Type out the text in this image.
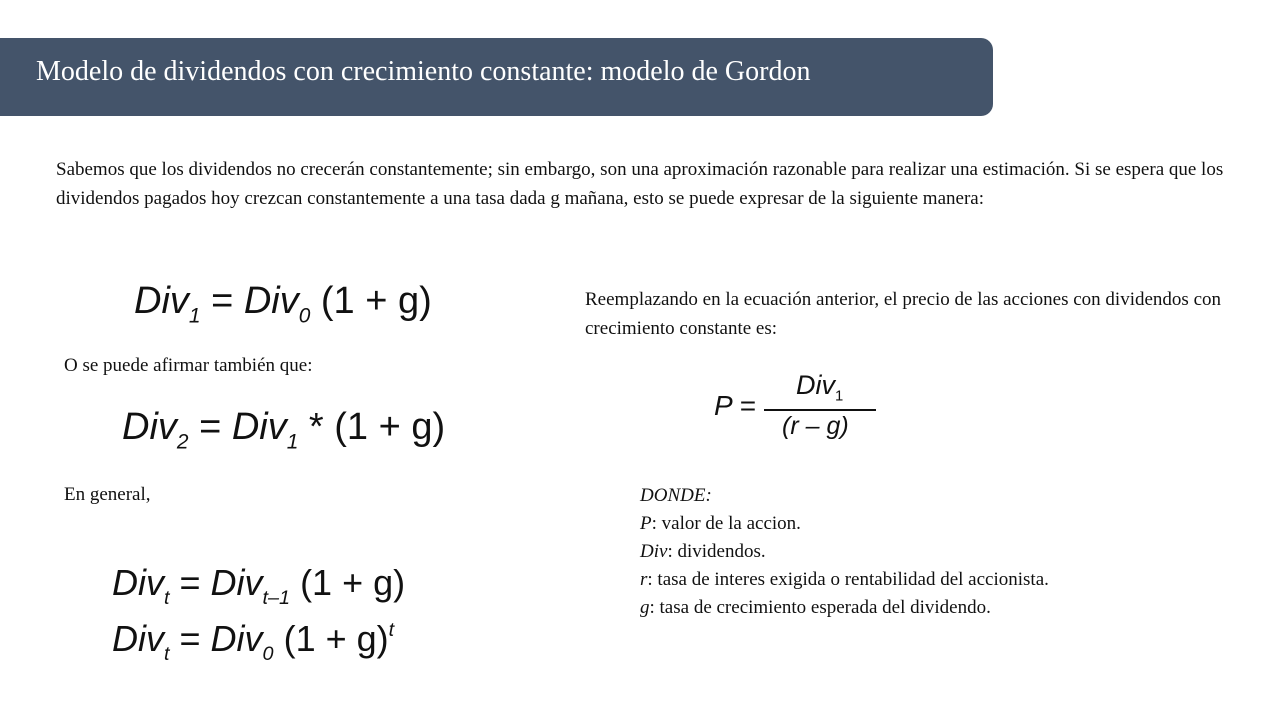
Modelo de dividendos con crecimiento constante: modelo de Gordon

Sabemos que los dividendos no crecerán constantemente; sin embargo, son una aproximación razonable para realizar una estimación. Si se espera que los dividendos pagados hoy crezcan constantemente a una tasa dada g mañana, esto se puede expresar de la siguiente manera:

Div$_1$ = Div$_0$ (1 + g)

O se puede afirmar también que:

Div$_2$ = Div$_1$ * (1 + g)

En general,

Div$_t$ = Div$_{t-1}$ (1 + g)
Div$_t$ = Div$_0$ $(1 + g)^t$

Reemplazando en la ecuación anterior, el precio de las acciones con dividendos con crecimiento constante es:

P =
Div$_1$
(r – g)
DONDE:
P: valor de la accion.
Div: dividendos.
r: tasa de interes exigida o rentabilidad del accionista.
g: tasa de crecimiento esperada del dividendo.
